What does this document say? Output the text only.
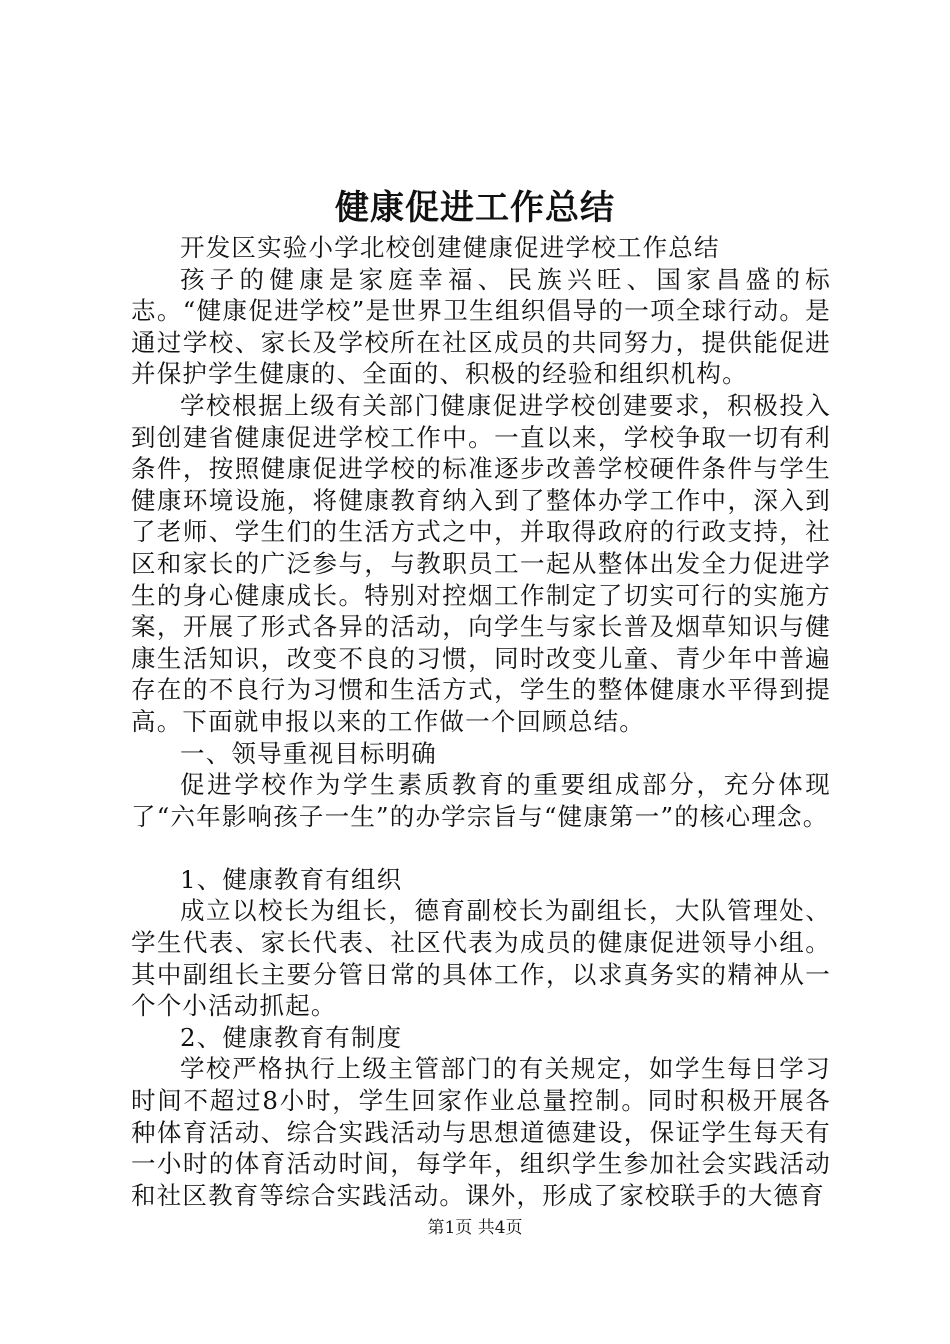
健康促进工作总结

开发区实验小学北校创建健康促进学校工作总结

孩子的健康是家庭幸福、民族兴旺、国家昌盛的标志。“健康促进学校”是世界卫生组织倡导的一项全球行动。是通过学校、家长及学校所在社区成员的共同努力，提供能促进并保护学生健康的、全面的、积极的经验和组织机构。

学校根据上级有关部门健康促进学校创建要求，积极投入到创建省健康促进学校工作中。一直以来，学校争取一切有利条件，按照健康促进学校的标准逐步改善学校硬件条件与学生健康环境设施，将健康教育纳入到了整体办学工作中，深入到了老师、学生们的生活方式之中，并取得政府的行政支持，社区和家长的广泛参与，与教职员工一起从整体出发全力促进学生的身心健康成长。特别对控烟工作制定了切实可行的实施方案，开展了形式各异的活动，向学生与家长普及烟草知识与健康生活知识，改变不良的习惯，同时改变儿童、青少年中普遍存在的不良行为习惯和生活方式，学生的整体健康水平得到提高。下面就申报以来的工作做一个回顾总结。

一、领导重视目标明确

促进学校作为学生素质教育的重要组成部分，充分体现了“六年影响孩子一生”的办学宗旨与“健康第一”的核心理念。

1、健康教育有组织

成立以校长为组长，德育副校长为副组长，大队管理处、学生代表、家长代表、社区代表为成员的健康促进领导小组。其中副组长主要分管日常的具体工作，以求真务实的精神从一个个小活动抓起。

2、健康教育有制度

学校严格执行上级主管部门的有关规定，如学生每日学习时间不超过8小时，学生回家作业总量控制。同时积极开展各种体育活动、综合实践活动与思想道德建设，保证学生每天有一小时的体育活动时间，每学年，组织学生参加社会实践活动和社区教育等综合实践活动。课外，形成了家校联手的大德育

第1页 共4页
